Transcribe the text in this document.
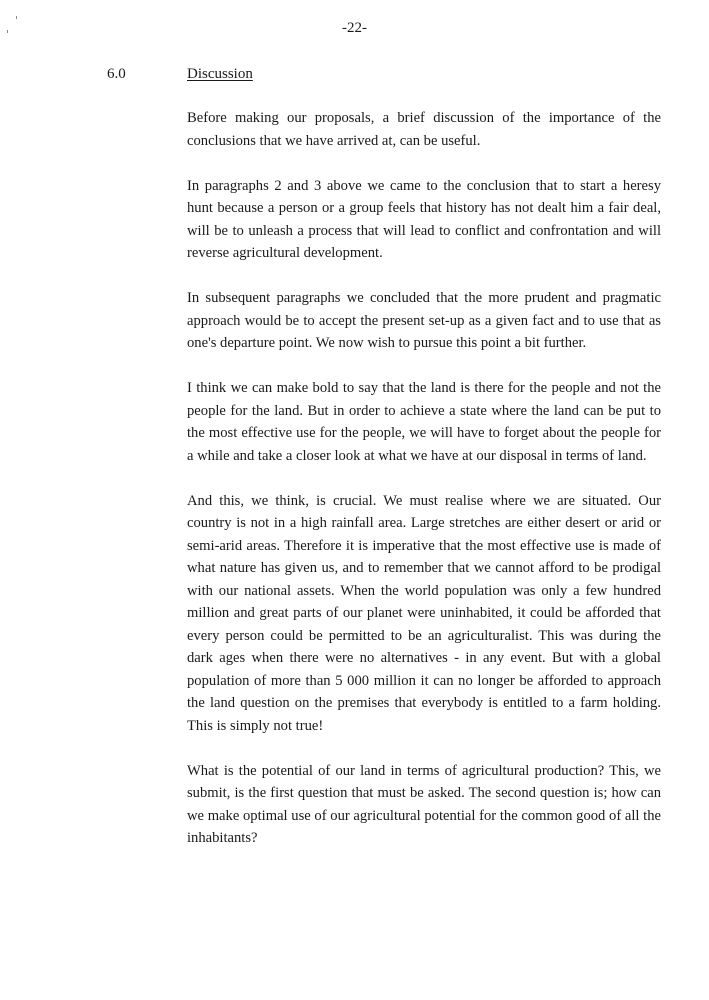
-22-
6.0	Discussion

Before making our proposals, a brief discussion of the importance of the conclusions that we have arrived at, can be useful.

In paragraphs 2 and 3 above we came to the conclusion that to start a heresy hunt because a person or a group feels that history has not dealt him a fair deal, will be to unleash a process that will lead to conflict and confrontation and will reverse agricultural development.

In subsequent paragraphs we concluded that the more prudent and pragmatic approach would be to accept the present set-up as a given fact and to use that as one's departure point. We now wish to pursue this point a bit further.

I think we can make bold to say that the land is there for the people and not the people for the land. But in order to achieve a state where the land can be put to the most effective use for the people, we will have to forget about the people for a while and take a closer look at what we have at our disposal in terms of land.

And this, we think, is crucial. We must realise where we are situated. Our country is not in a high rainfall area. Large stretches are either desert or arid or semi-arid areas. Therefore it is imperative that the most effective use is made of what nature has given us, and to remember that we cannot afford to be prodigal with our national assets. When the world population was only a few hundred million and great parts of our planet were uninhabited, it could be afforded that every person could be permitted to be an agriculturalist. This was during the dark ages when there were no alternatives - in any event. But with a global population of more than 5 000 million it can no longer be afforded to approach the land question on the premises that everybody is entitled to a farm holding. This is simply not true!

What is the potential of our land in terms of agricultural production? This, we submit, is the first question that must be asked. The second question is; how can we make optimal use of our agricultural potential for the common good of all the inhabitants?
